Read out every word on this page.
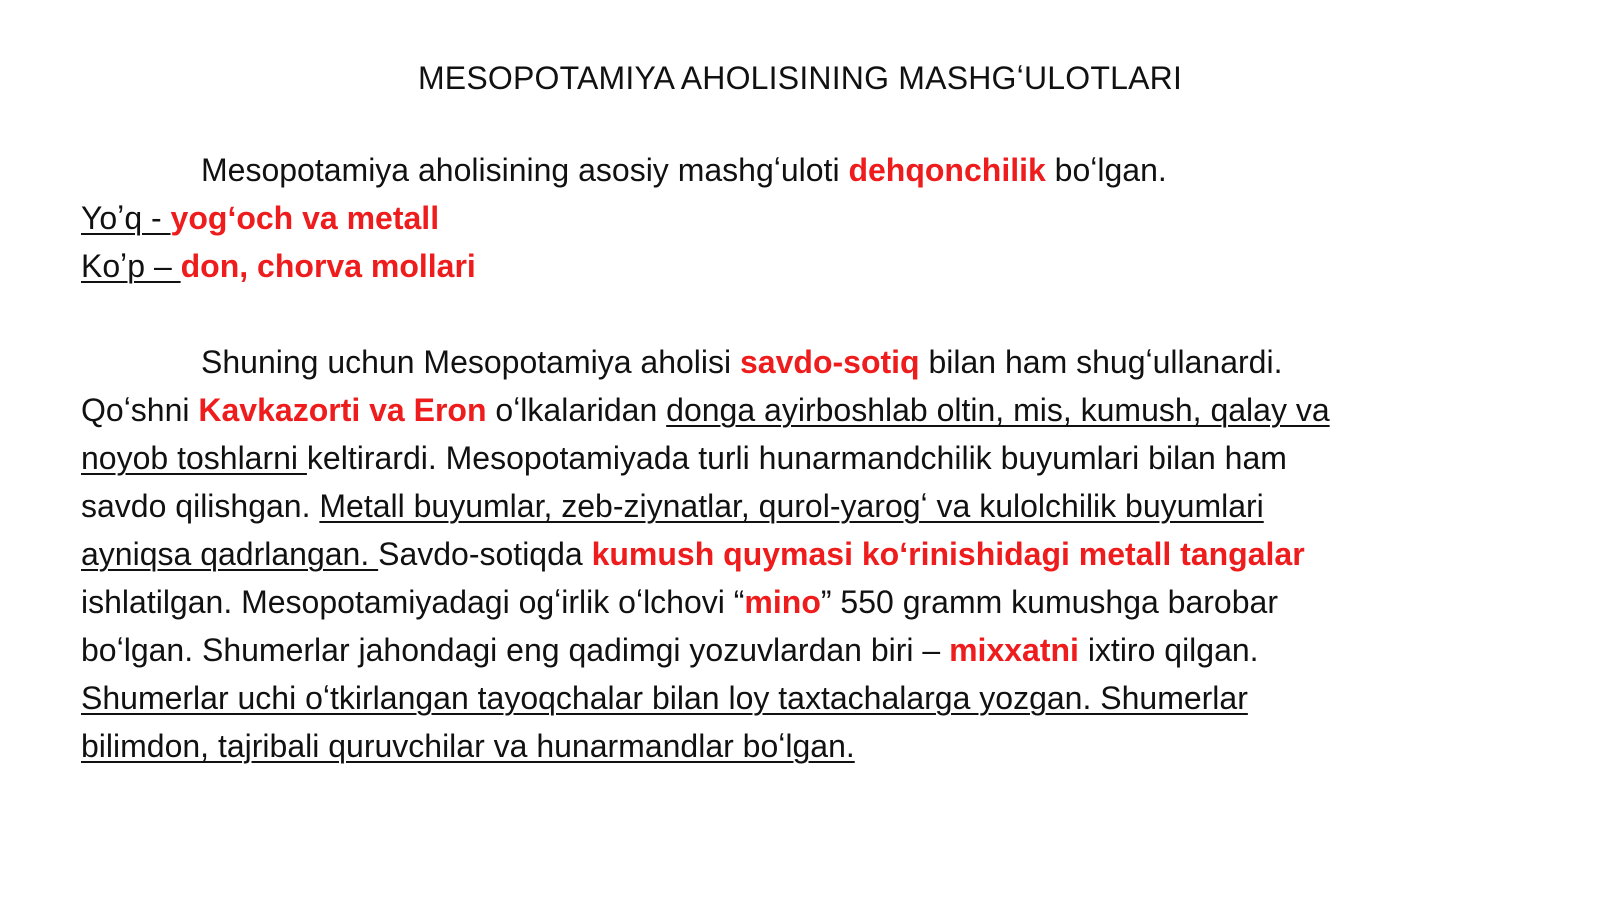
MESOPOTAMIYA AHOLISINING MASHGʻULOTLARI
Mesopotamiya aholisining asosiy mashgʻuloti dehqonchilik boʻlgan.
Yoʼq - yogʻoch va metall
Koʼp – don, chorva mollari
Shuning uchun Mesopotamiya aholisi savdo-sotiq bilan ham shugʻullanardi.
Qoʻshni Kavkazorti va Eron oʻlkalaridan donga ayirboshlab oltin, mis, kumush, qalay va
noyob toshlarni keltirardi. Mesopotamiyada turli hunarmandchilik buyumlari bilan ham
savdo qilishgan. Metall buyumlar, zeb-ziynatlar, qurol-yarogʻ va kulolchilik buyumlari
ayniqsa qadrlangan. Savdo-sotiqda kumush quymasi koʻrinishidagi metall tangalar
ishlatilgan. Mesopotamiyadagi ogʻirlik oʻlchovi “mino” 550 gramm kumushga barobar
boʻlgan. Shumerlar jahondagi eng qadimgi yozuvlardan biri – mixxatni ixtiro qilgan.
Shumerlar uchi oʻtkirlangan tayoqchalar bilan loy taxtachalarga yozgan. Shumerlar
bilimdon, tajribali quruvchilar va hunarmandlar boʻlgan.
